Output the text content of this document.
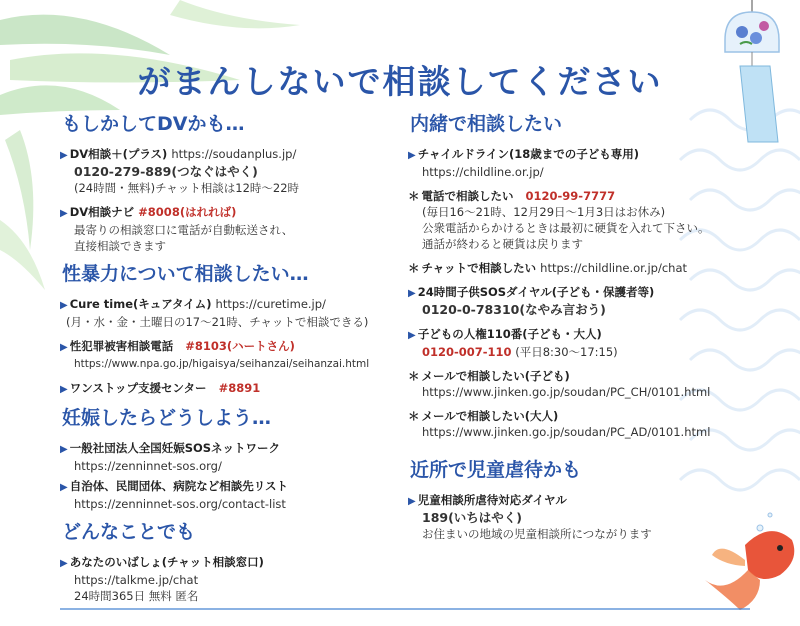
がまんしないで相談してください
もしかしてDVかも…
▶ DV相談＋(プラス) https://soudanplus.jp/
0120-279-889(つなぐはやく)
(24時間・無料)チャット相談は12時〜22時
▶ DV相談ナビ #8008(はれれば)
最寄りの相談窓口に電話が自動転送され、
直接相談できます
性暴力について相談したい…
▶ Cure time(キュアタイム) https://curetime.jp/
(月・水・金・土曜日の17〜21時、チャットで相談できる)
▶ 性犯罪被害相談電話 #8103(ハートさん)
https://www.npa.go.jp/higaisya/seihanzai/seihanzai.html
▶ ワンストップ支援センター #8891
妊娠したらどうしよう…
▶ 一般社団法人全国妊娠SOSネットワーク
https://zenninnet-sos.org/
▶ 自治体、民間団体、病院など相談先リスト
https://zenninnet-sos.org/contact-list
どんなことでも
▶ あなたのいばしょ(チャット相談窓口)
https://talkme.jp/chat
24時間365日 無料 匿名
内緒で相談したい
▶ チャイルドライン(18歳までの子ども専用)
https://childline.or.jp/
＊ 電話で相談したい 0120-99-7777
(毎日16〜21時、12月29日〜1月3日はお休み)
公衆電話からかけるときは最初に硬貨を入れて下さい。
通話が終わると硬貨は戻ります
＊ チャットで相談したい https://childline.or.jp/chat
▶ 24時間子供SOSダイヤル(子ども・保護者等)
0120-0-78310(なやみ言おう)
▶ 子どもの人権110番(子ども・大人)
0120-007-110 (平日8:30〜17:15)
＊ メールで相談したい(子ども)
https://www.jinken.go.jp/soudan/PC_CH/0101.html
＊ メールで相談したい(大人)
https://www.jinken.go.jp/soudan/PC_AD/0101.html
近所で児童虐待かも
▶ 児童相談所虐待対応ダイヤル
189(いちはやく)
お住まいの地域の児童相談所につながります
